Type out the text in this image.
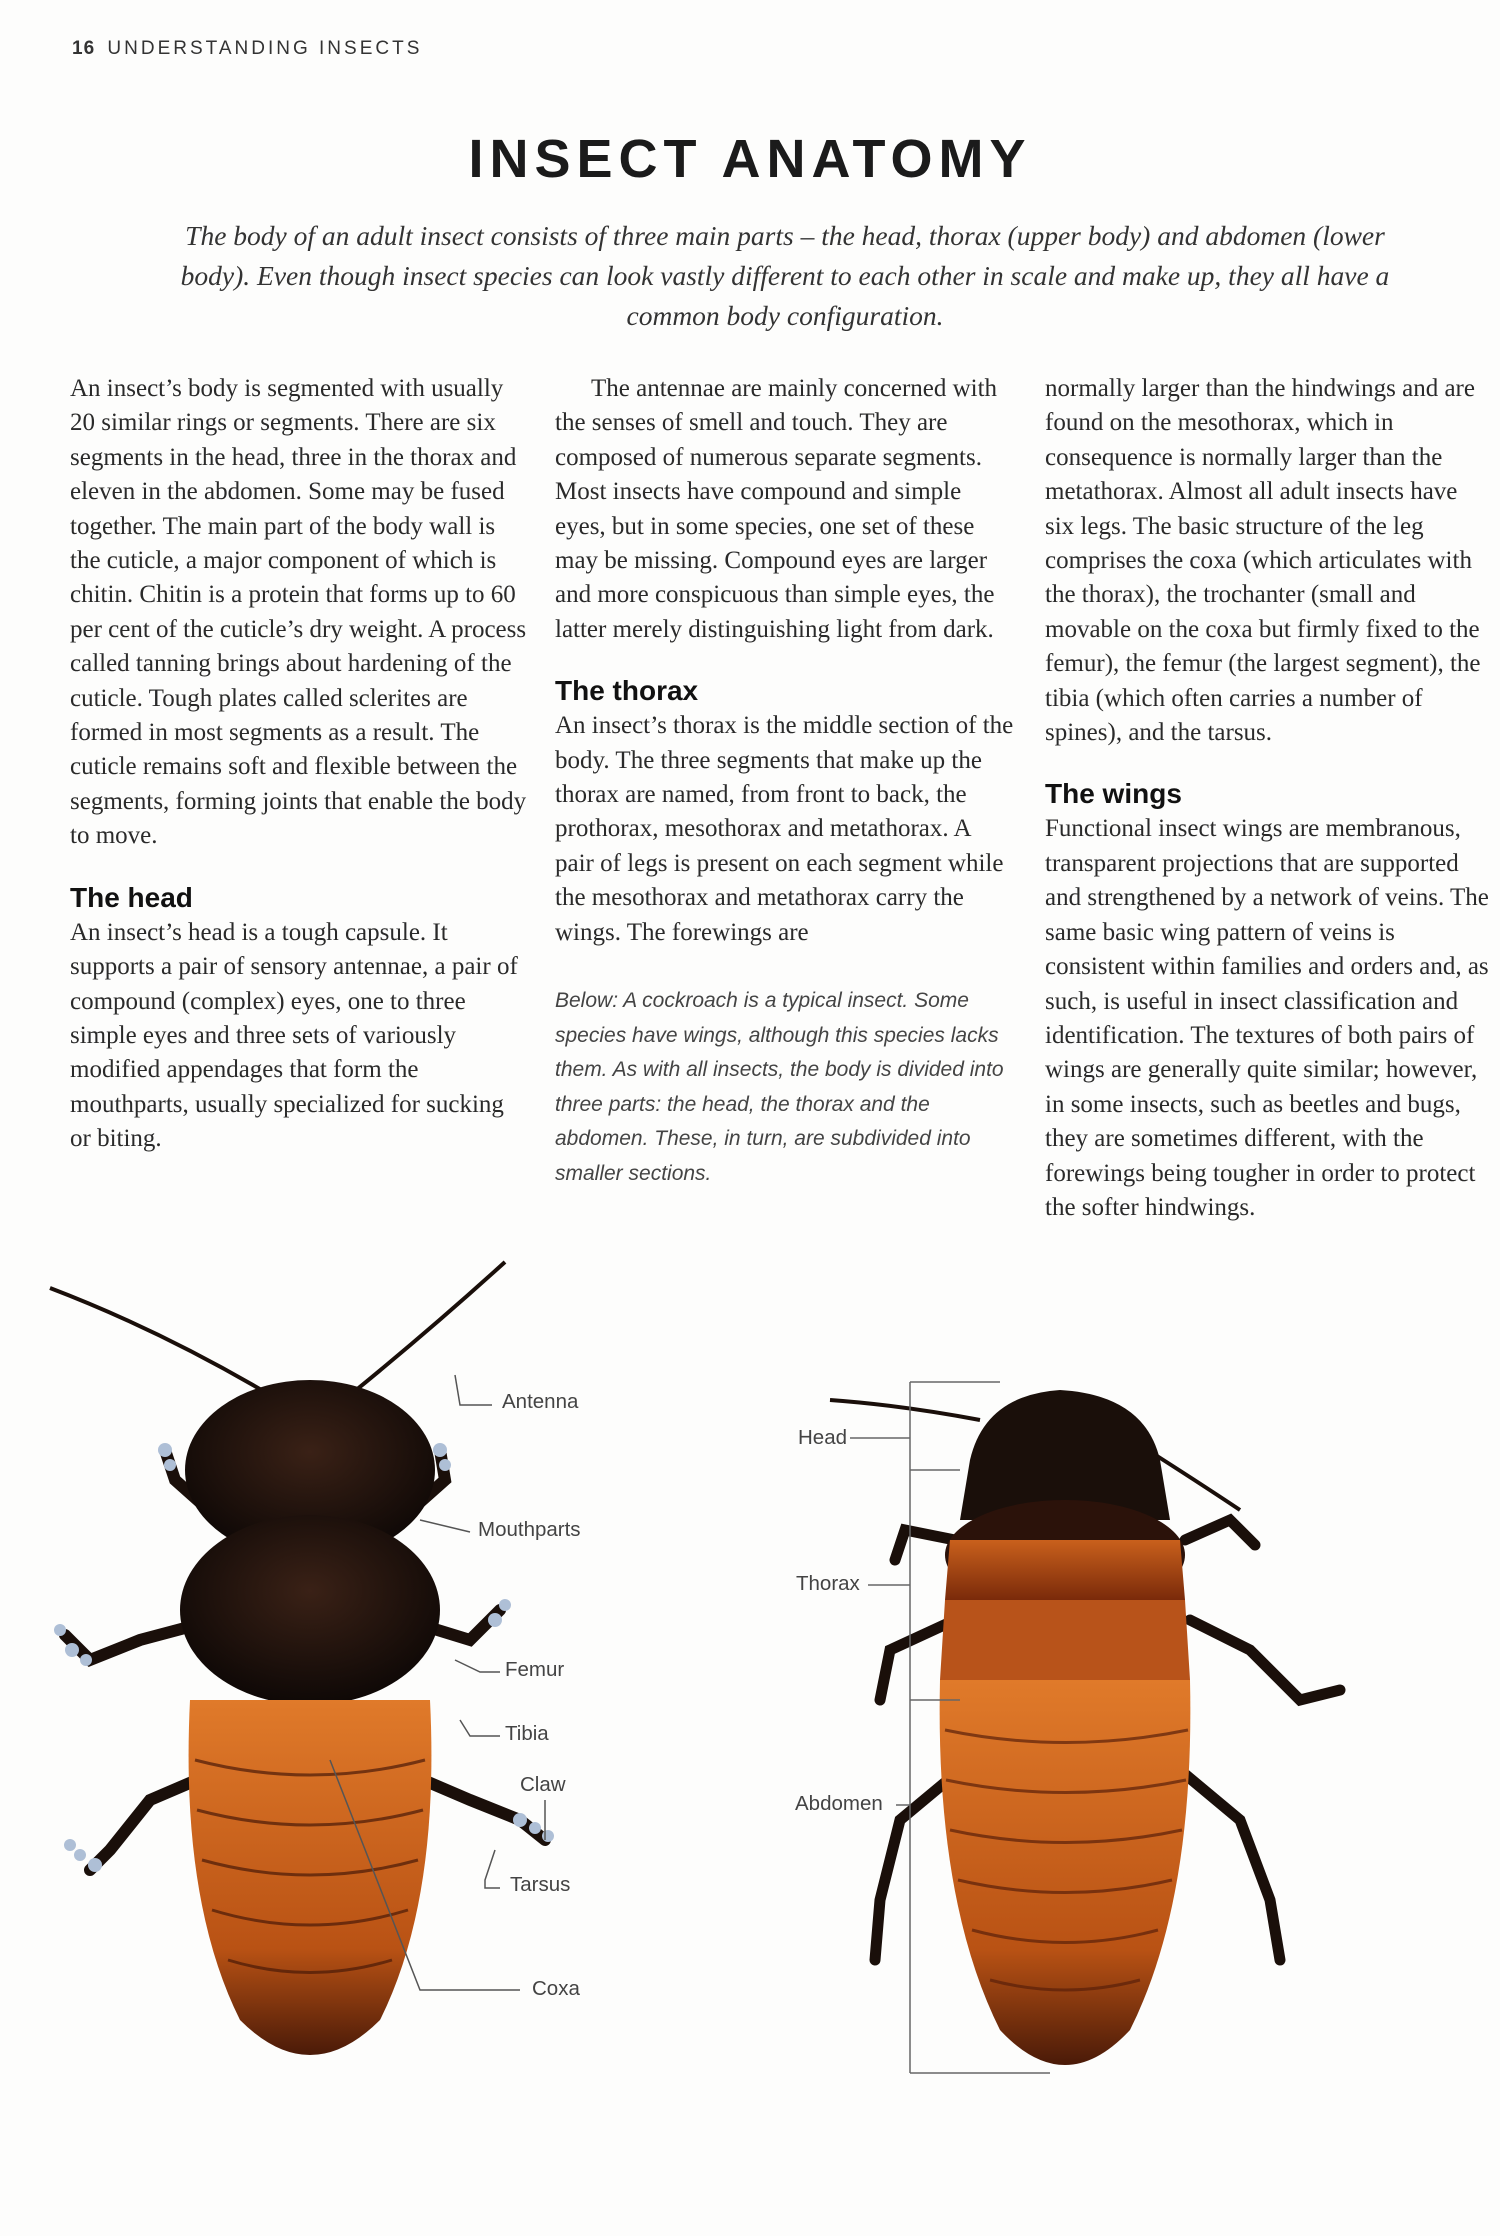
16 UNDERSTANDING INSECTS
INSECT ANATOMY

The body of an adult insect consists of three main parts – the head, thorax (upper body) and abdomen (lower body). Even though insect species can look vastly different to each other in scale and make up, they all have a common body configuration.

An insect’s body is segmented with usually 20 similar rings or segments. There are six segments in the head, three in the thorax and eleven in the abdomen. Some may be fused together. The main part of the body wall is the cuticle, a major component of which is chitin. Chitin is a protein that forms up to 60 per cent of the cuticle’s dry weight. A process called tanning brings about hardening of the cuticle. Tough plates called sclerites are formed in most segments as a result. The cuticle remains soft and flexible between the segments, forming joints that enable the body to move.

The head

An insect’s head is a tough capsule. It supports a pair of sensory antennae, a pair of compound (complex) eyes, one to three simple eyes and three sets of variously modified appendages that form the mouthparts, usually specialized for sucking or biting.

The antennae are mainly concerned with the senses of smell and touch. They are composed of numerous separate segments. Most insects have compound and simple eyes, but in some species, one set of these may be missing. Compound eyes are larger and more conspicuous than simple eyes, the latter merely distinguishing light from dark.

The thorax

An insect’s thorax is the middle section of the body. The three segments that make up the thorax are named, from front to back, the prothorax, mesothorax and metathorax. A pair of legs is present on each segment while the mesothorax and metathorax carry the wings. The forewings are

Below: A cockroach is a typical insect. Some species have wings, although this species lacks them. As with all insects, the body is divided into three parts: the head, the thorax and the abdomen. These, in turn, are subdivided into smaller sections.

normally larger than the hindwings and are found on the mesothorax, which in consequence is normally larger than the metathorax. Almost all adult insects have six legs. The basic structure of the leg comprises the coxa (which articulates with the thorax), the trochanter (small and movable on the coxa but firmly fixed to the femur), the femur (the largest segment), the tibia (which often carries a number of spines), and the tarsus.

The wings

Functional insect wings are membranous, transparent projections that are supported and strengthened by a network of veins. The same basic wing pattern of veins is consistent within families and orders and, as such, is useful in insect classification and identification. The textures of both pairs of wings are generally quite similar; however, in some insects, such as beetles and bugs, they are sometimes different, with the forewings being tougher in order to protect the softer hindwings.

Antenna
Mouthparts
Femur
Tibia
Claw
Tarsus
Coxa
Head
Thorax
Abdomen
